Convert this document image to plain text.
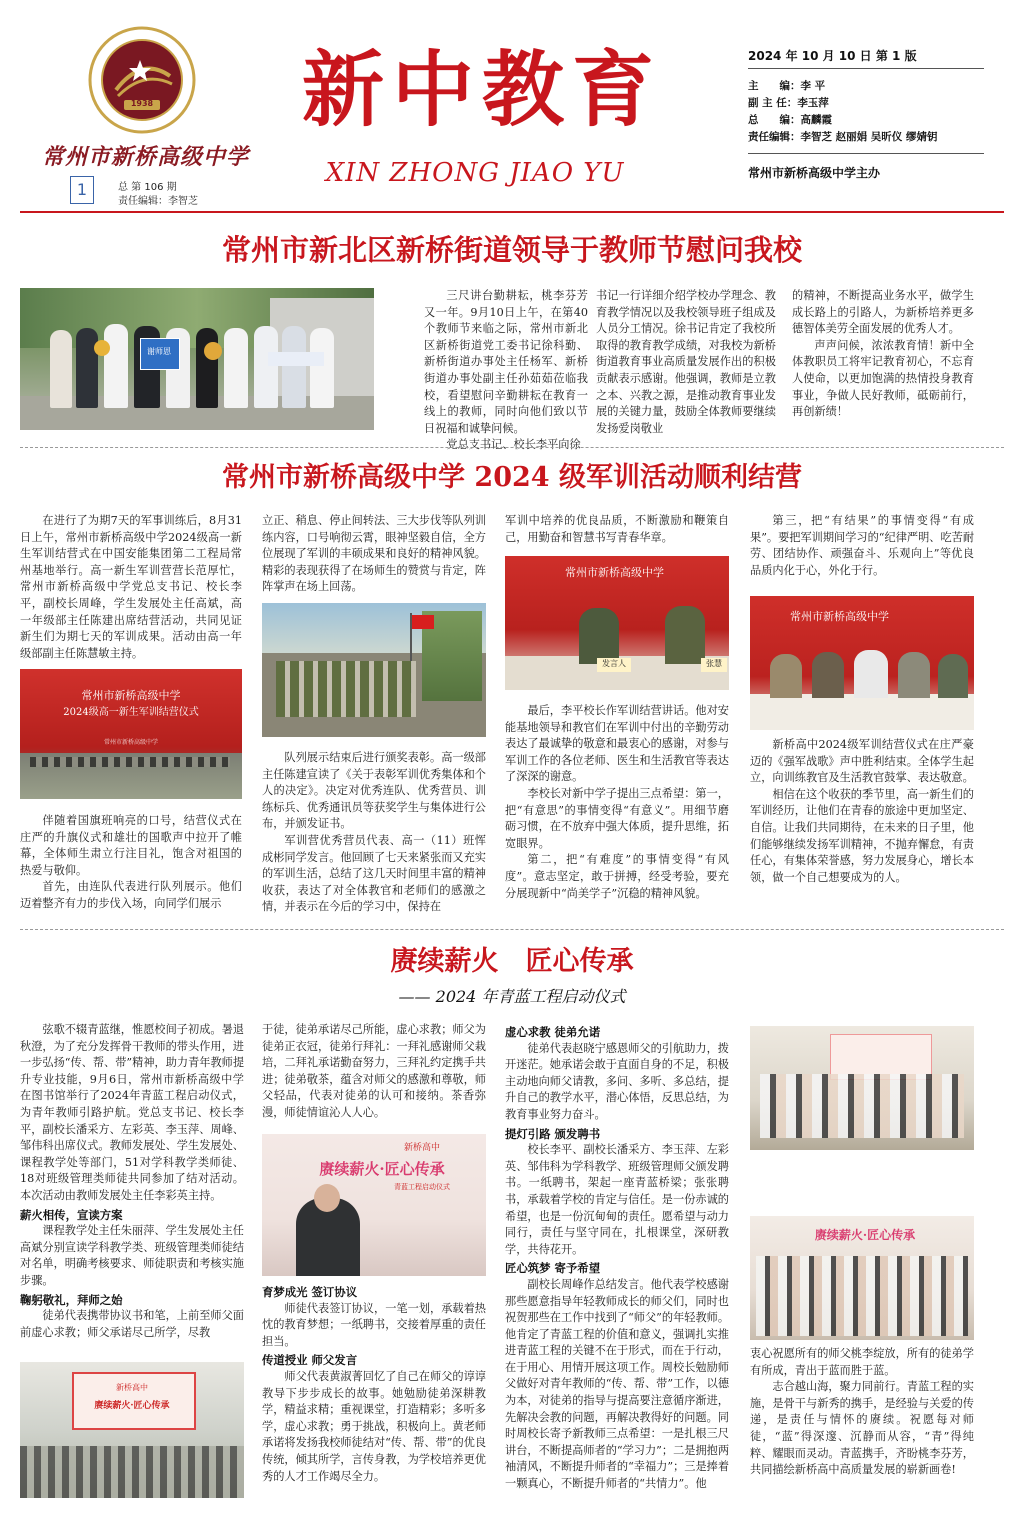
1938
常州市新桥高级中学
1	总 第 106 期
责任编辑：李智芝
新中教育
XIN ZHONG JIAO YU
2024 年 10 月 10 日 第 1 版
主　　编：李 平
副 主 任：李玉萍
总　　编：高麟霞
责任编辑：李智芝 赵丽娟 吴昕仪 缪婧钥
常州市新桥高级中学主办
常州市新北区新桥街道领导于教师节慰问我校
谢师恩

三尺讲台勤耕耘，桃李芬芳又一年。9月10日上午，在第40个教师节来临之际，常州市新北区新桥街道党工委书记徐科勤、新桥街道办事处主任杨军、新桥街道办事处副主任孙茹茹莅临我校，看望慰问辛勤耕耘在教育一线上的教师，同时向他们致以节日祝福和诚挚问候。

党总支书记、校长李平向徐

书记一行详细介绍学校办学理念、教育教学情况以及我校领导班子组成及人员分工情况。徐书记肯定了我校所取得的教育教学成绩，对我校为新桥街道教育事业高质量发展作出的积极贡献表示感谢。他强调，教师是立教之本、兴教之源，是推动教育事业发展的关键力量，鼓励全体教师要继续发扬爱岗敬业

的精神，不断提高业务水平，做学生成长路上的引路人，为新桥培养更多德智体美劳全面发展的优秀人才。

声声问候，浓浓教育情！新中全体教职员工将牢记教育初心，不忘育人使命，以更加饱满的热情投身教育事业，争做人民好教师，砥砺前行，再创新绩！

常州市新桥高级中学 2024 级军训活动顺利结营

在进行了为期7天的军事训练后，8月31日上午，常州市新桥高级中学2024级高一新生军训结营式在中国安能集团第二工程局常州基地举行。高一新生军训营营长范厚忙，常州市新桥高级中学党总支书记、校长李平，副校长周峰，学生发展处主任高斌，高一年级部主任陈建出席结营活动，共同见证新生们为期七天的军训成果。活动由高一年级部副主任陈慧敏主持。

常州市新桥高级中学
2024级高一新生军训结营仪式
常州市新桥高级中学

伴随着国旗班响亮的口号，结营仪式在庄严的升旗仪式和雄壮的国歌声中拉开了帷幕，全体师生肃立行注目礼，饱含对祖国的热爱与敬仰。

首先，由连队代表进行队列展示。他们迈着整齐有力的步伐入场，向同学们展示

立正、稍息、停止间转法、三大步伐等队列训练内容，口号响彻云霄，眼神坚毅自信，全方位展现了军训的丰硕成果和良好的精神风貌。精彩的表现获得了在场师生的赞赏与肯定，阵阵掌声在场上回荡。

队列展示结束后进行颁奖表彰。高一级部主任陈建宣读了《关于表彰军训优秀集体和个人的决定》。决定对优秀连队、优秀营员、训练标兵、优秀通讯员等获奖学生与集体进行公布，并颁发证书。

军训营优秀营员代表、高一（11）班恽成彬同学发言。他回顾了七天来紧张而又充实的军训生活，总结了这几天时间里丰富的精神收获，表达了对全体教官和老师们的感激之情，并表示在今后的学习中，保持在

军训中培养的优良品质，不断激励和鞭策自己，用勤奋和智慧书写青春华章。

常州市新桥高级中学
发言人	张慧

最后，李平校长作军训结营讲话。他对安能基地领导和教官们在军训中付出的辛勤劳动表达了最诚挚的敬意和最衷心的感谢，对参与军训工作的各位老师、医生和生活教官等表达了深深的谢意。

李校长对新中学子提出三点希望：第一，把“有意思”的事情变得“有意义”。用细节磨砺习惯，在不放弃中强大体质，提升思维，拓宽眼界。

第二，把“有难度”的事情变得“有风度”。意志坚定，敢于拼搏，经受考验，要充分展现新中“尚美学子”沉稳的精神风貌。

第三，把“有结果”的事情变得“有成果”。要把军训期间学习的“纪律严明、吃苦耐劳、团结协作、顽强奋斗、乐观向上”等优良品质内化于心，外化于行。

常州市新桥高级中学

新桥高中2024级军训结营仪式在庄严豪迈的《强军战歌》声中胜利结束。全体学生起立，向训练教官及生活教官鼓掌、表达敬意。

相信在这个收获的季节里，高一新生们的军训经历，让他们在青春的旅途中更加坚定、自信。让我们共同期待，在未来的日子里，他们能够继续发扬军训精神，不抛弃懈怠，有责任心，有集体荣誉感，努力发展身心，增长本领，做一个自己想要成为的人。

赓续薪火　匠心传承
—— 2024 年青蓝工程启动仪式

弦歌不辍青蓝继，惟愿校间子初成。暑退秋澄，为了充分发挥骨干教师的带头作用，进一步弘扬“传、帮、带”精神，助力青年教师提升专业技能，9月6日，常州市新桥高级中学在图书馆举行了2024年青蓝工程启动仪式，为青年教师引路护航。党总支书记、校长李平，副校长潘采方、左彩英、李玉萍、周峰、邹伟科出席仪式。教师发展处、学生发展处、课程教学处等部门，51对学科教学类师徒、18对班级管理类师徒共同参加了结对活动。本次活动由教师发展处主任李彩英主持。

薪火相传，宣读方案

课程教学处主任朱丽萍、学生发展处主任高斌分别宣读学科教学类、班级管理类师徒结对名单，明确考核要求、师徒职责和考核实施步骤。

鞠躬敬礼，拜师之始

徒弟代表携带协议书和笔，上前至师父面前虚心求教；师父承诺尽己所学，尽教

新桥高中
赓续薪火·匠心传承

于徒，徒弟承诺尽己所能，虚心求教；师父为徒弟正衣冠，徒弟行拜礼：一拜礼感谢师父栽培，二拜礼承诺勤奋努力，三拜礼约定携手共进；徒弟敬茶，蕴含对师父的感激和尊敬，师父轻品，代表对徒弟的认可和接纳。茶香弥漫，师徒情谊沁人人心。

新桥高中
赓续薪火·匠心传承
青蓝工程启动仪式
育梦成光 签订协议

师徒代表签订协议，一笔一划，承载着热忱的教育梦想；一纸聘书，交接着厚重的责任担当。

传道授业 师父发言

师父代表黄淑菁回忆了自己在师父的谆谆教导下步步成长的故事。她勉励徒弟深耕教学，精益求精；重视课堂，打造精彩；多听多学，虚心求教；勇于挑战，积极向上。黄老师承诺将发扬我校师徒结对“传、帮、带”的优良传统，倾其所学，言传身教，为学校培养更优秀的人才工作竭尽全力。

虚心求教 徒弟允诺

徒弟代表赵晓宁感恩师父的引航助力，拨开迷茫。她承诺会敢于直面自身的不足，积极主动地向师父请教，多问、多听、多总结，提升自己的教学水平，潜心体悟，反思总结，为教育事业努力奋斗。

提灯引路 颁发聘书

校长李平、副校长潘采方、李玉萍、左彩英、邹伟科为学科教学、班级管理师父颁发聘书。一纸聘书，架起一座青蓝桥梁；张张聘书，承载着学校的肯定与信任。是一份赤诚的希望，也是一份沉甸甸的责任。愿希望与动力同行，责任与坚守同在，扎根课堂，深研教学，共待花开。

匠心筑梦 寄予希望

副校长周峰作总结发言。他代表学校感谢那些愿意指导年轻教师成长的师父们，同时也祝贺那些在工作中找到了“师父”的年轻教师。他肯定了青蓝工程的价值和意义，强调扎实推进青蓝工程的关键不在于形式，而在于行动，在于用心、用情开展这项工作。周校长勉励师父做好对青年教师的“传、帮、带”工作，以德为本，对徒弟的指导与提高要注意循序渐进，先解决会教的问题，再解决教得好的问题。同时周校长寄予新教师三点希望：一是扎根三尺讲台，不断提高师者的“学习力”；二是拥抱两袖清风，不断提升师者的“幸福力”；三是捧着一颗真心，不断提升师者的“共情力”。他

赓续薪火·匠心传承

衷心祝愿所有的师父桃李绽放，所有的徒弟学有所成，青出于蓝而胜于蓝。

志合越山海，聚力同前行。青蓝工程的实施，是骨干与新秀的携手，是经验与关爱的传递，是责任与情怀的赓续。祝愿每对师徒，“蓝”得深邃、沉静而从容，“青”得纯粹、耀眼而灵动。青蓝携手，齐盼桃李芬芳，共同描绘新桥高中高质量发展的崭新画卷!
